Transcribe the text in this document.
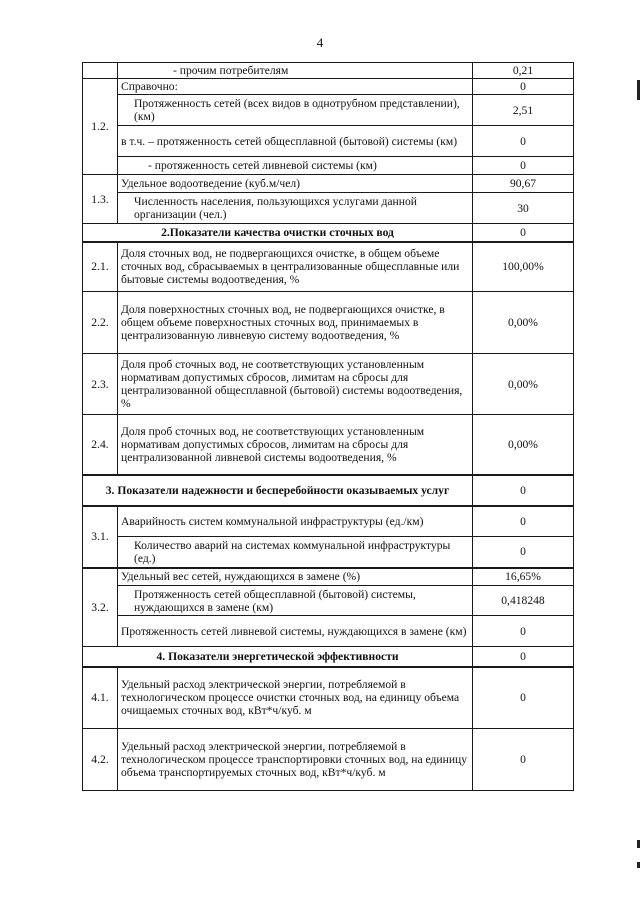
4
	- прочим потребителям	0,21
1.2.	Справочно:	0
	Протяженность сетей (всех видов в однотрубном представлении), (км)	2,51
	в т.ч. – протяженность сетей общесплавной (бытовой) системы (км)	0
	- протяженность сетей ливневой системы (км)	0
1.3.	Удельное водоотведение (куб.м/чел)	90,67
	Численность населения, пользующихся услугами данной организации (чел.)	30
2.Показатели качества очистки сточных вод		0
2.1.	Доля сточных вод, не подвергающихся очистке, в общем объеме сточных вод, сбрасываемых в централизованные общесплавные или бытовые системы водоотведения, %	100,00%
2.2.	Доля поверхностных сточных вод, не подвергающихся очистке, в общем объеме поверхностных сточных вод, принимаемых в централизованную ливневую систему водоотведения, %	0,00%
2.3.	Доля проб сточных вод, не соответствующих установленным нормативам допустимых сбросов, лимитам на сбросы для централизованной общесплавной (бытовой) системы водоотведения, %	0,00%
2.4.	Доля проб сточных вод, не соответствующих установленным нормативам допустимых сбросов, лимитам на сбросы для централизованной ливневой системы водоотведения, %	0,00%
3. Показатели надежности и бесперебойности оказываемых услуг		0
3.1.	Аварийность систем коммунальной инфраструктуры (ед./км)	0
	Количество аварий на системах коммунальной инфраструктуры (ед.)	0
3.2.	Удельный вес сетей, нуждающихся в замене (%)	16,65%
	Протяженность сетей общесплавной (бытовой) системы, нуждающихся в замене (км)	0,418248
	Протяженность сетей ливневой системы, нуждающихся в замене (км)	0
4. Показатели энергетической эффективности		0
4.1.	Удельный расход электрической энергии, потребляемой в технологическом процессе очистки сточных вод, на единицу объема очищаемых сточных вод, кВт*ч/куб. м	0
4.2.	Удельный расход электрической энергии, потребляемой в технологическом процессе транспортировки сточных вод, на единицу объема транспортируемых сточных вод, кВт*ч/куб. м	0
